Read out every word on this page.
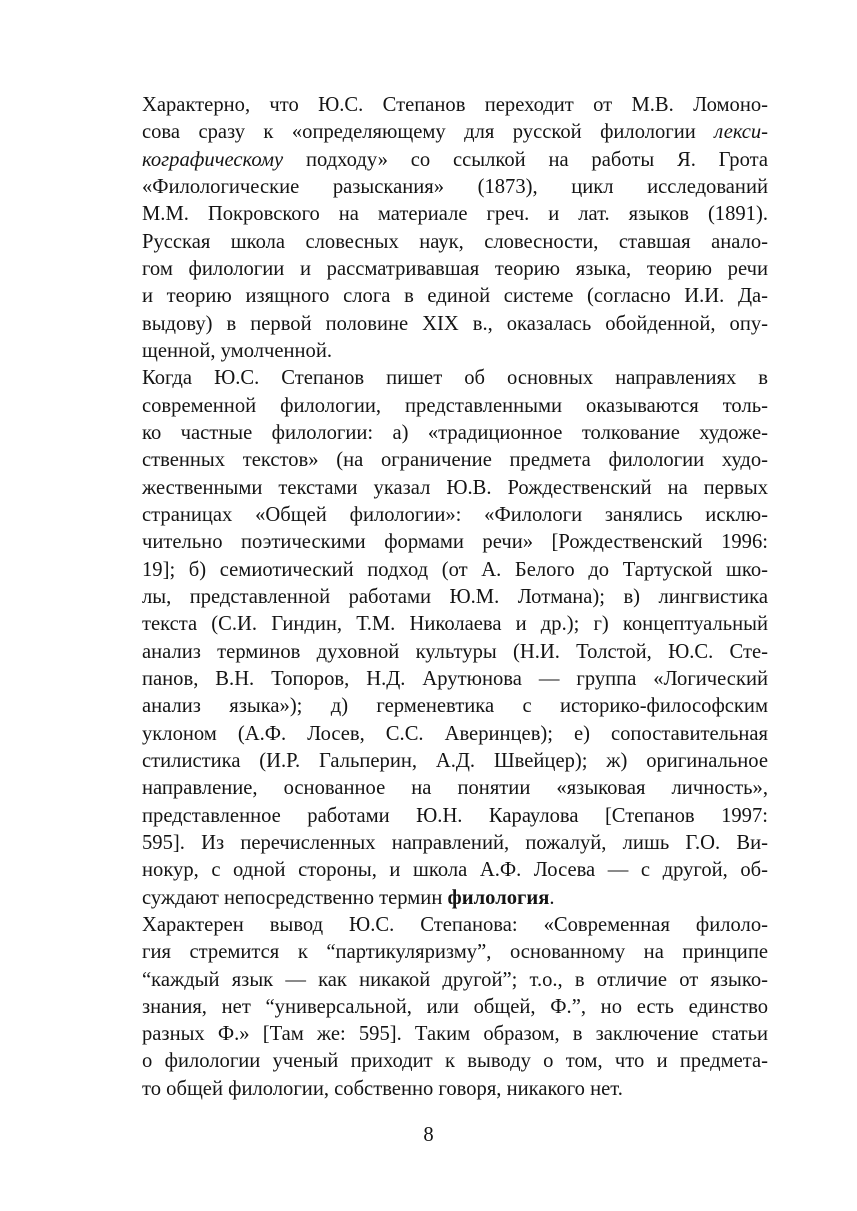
Характерно, что Ю.С. Степанов переходит от М.В. Ломоно-
сова сразу к «определяющему для русской филологии лекси-
кографическому подходу» со ссылкой на работы Я. Грота
«Филологические разыскания» (1873), цикл исследований
М.М. Покровского на материале греч. и лат. языков (1891).
Русская школа словесных наук, словесности, ставшая анало-
гом филологии и рассматривавшая теорию языка, теорию речи
и теорию изящного слога в единой системе (согласно И.И. Да-
выдову) в первой половине XIX в., оказалась обойденной, опу-
щенной, умолченной.
Когда Ю.С. Степанов пишет об основных направлениях в
современной филологии, представленными оказываются толь-
ко частные филологии: а) «традиционное толкование художе-
ственных текстов» (на ограничение предмета филологии худо-
жественными текстами указал Ю.В. Рождественский на первых
страницах «Общей филологии»: «Филологи занялись исклю-
чительно поэтическими формами речи» [Рождественский 1996:
19]; б) семиотический подход (от А. Белого до Тартуской шко-
лы, представленной работами Ю.М. Лотмана); в) лингвистика
текста (С.И. Гиндин, Т.М. Николаева и др.); г) концептуальный
анализ терминов духовной культуры (Н.И. Толстой, Ю.С. Сте-
панов, В.Н. Топоров, Н.Д. Арутюнова — группа «Логический
анализ языка»); д) герменевтика с историко-философским
уклоном (А.Ф. Лосев, С.С. Аверинцев); е) сопоставительная
стилистика (И.Р. Гальперин, А.Д. Швейцер); ж) оригинальное
направление, основанное на понятии «языковая личность»,
представленное работами Ю.Н. Караулова [Степанов 1997:
595]. Из перечисленных направлений, пожалуй, лишь Г.О. Ви-
нокур, с одной стороны, и школа А.Ф. Лосева — с другой, об-
суждают непосредственно термин филология.
Характерен вывод Ю.С. Степанова: «Современная филоло-
гия стремится к “партикуляризму”, основанному на принципе
“каждый язык — как никакой другой”; т.о., в отличие от языко-
знания, нет “универсальной, или общей, Ф.”, но есть единство
разных Ф.» [Там же: 595]. Таким образом, в заключение статьи
о филологии ученый приходит к выводу о том, что и предмета-
то общей филологии, собственно говоря, никакого нет.
8
